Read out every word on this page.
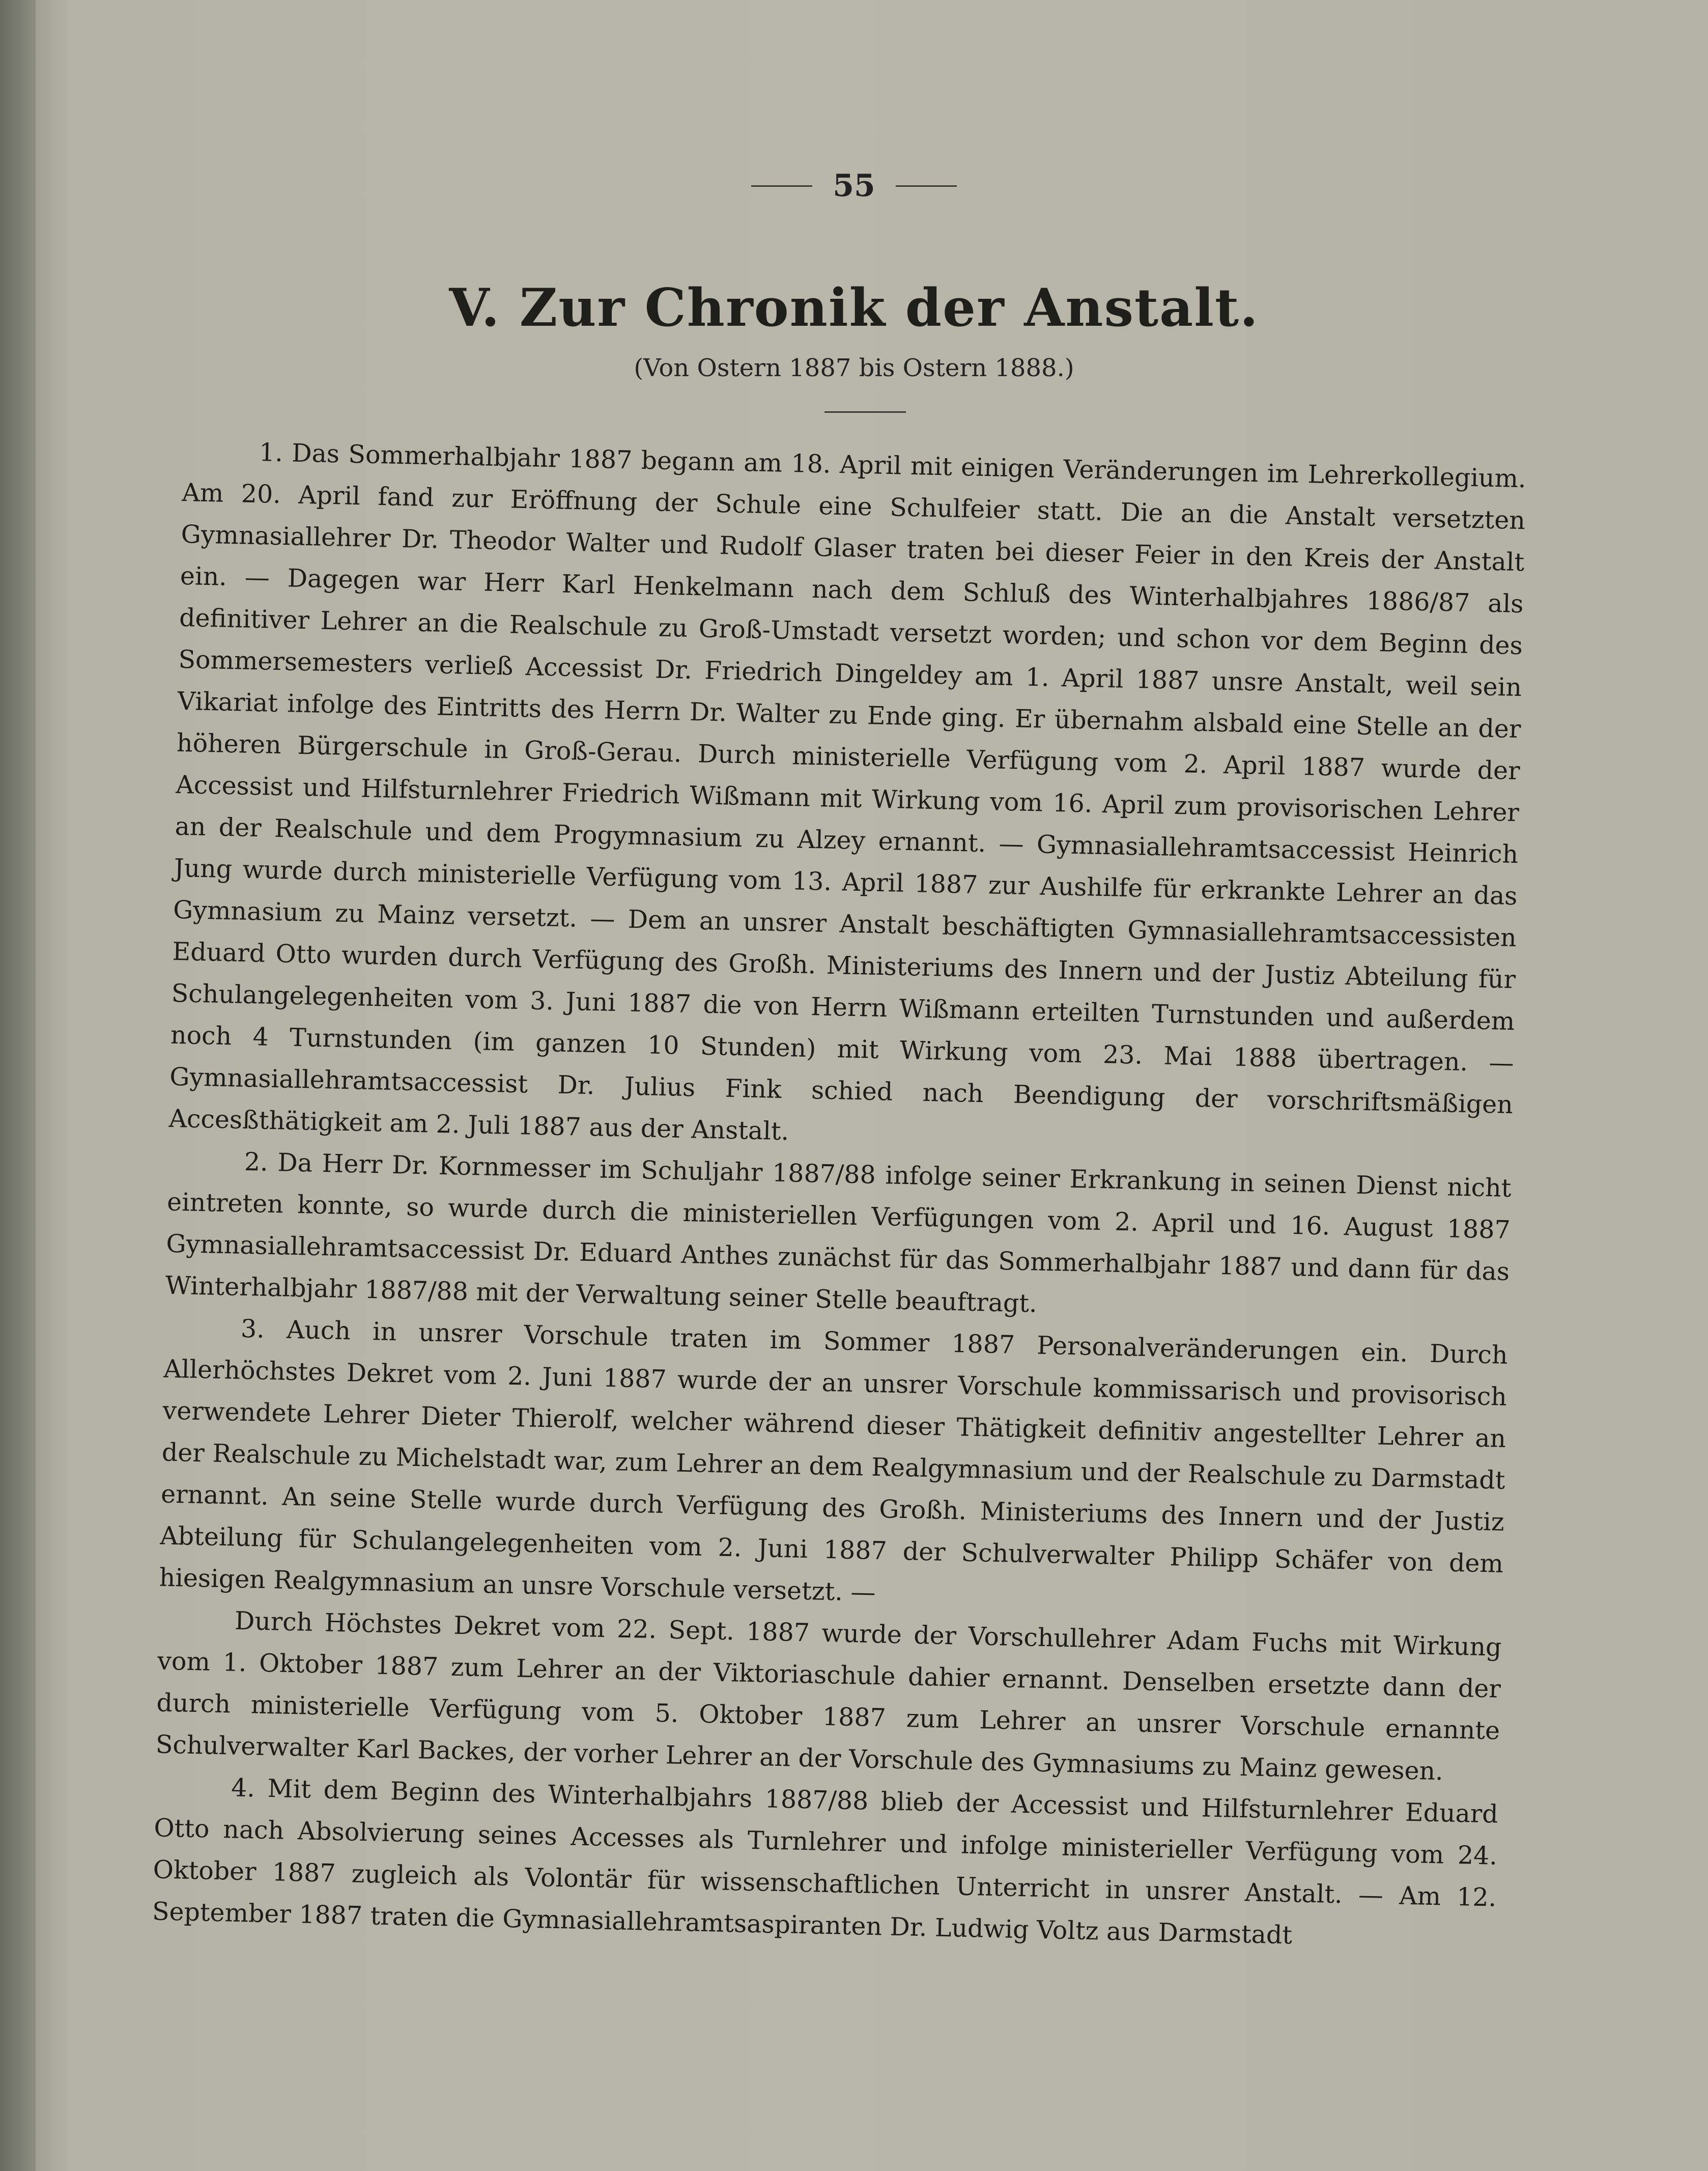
55
V. Zur Chronik der Anstalt.
(Von Ostern 1887 bis Ostern 1888.)

1. Das Sommerhalbjahr 1887 begann am 18. April mit einigen Veränderungen im Lehrerkollegium. Am 20. April fand zur Eröffnung der Schule eine Schulfeier statt. Die an die Anstalt versetzten Gymnasiallehrer Dr. Theodor Walter und Rudolf Glaser traten bei dieser Feier in den Kreis der Anstalt ein. — Dagegen war Herr Karl Henkelmann nach dem Schluß des Winterhalbjahres 1886/87 als definitiver Lehrer an die Realschule zu Groß-Umstadt versetzt worden; und schon vor dem Beginn des Sommersemesters verließ Accessist Dr. Friedrich Dingeldey am 1. April 1887 unsre Anstalt, weil sein Vikariat infolge des Eintritts des Herrn Dr. Walter zu Ende ging. Er übernahm alsbald eine Stelle an der höheren Bürgerschule in Groß-Gerau. Durch ministerielle Verfügung vom 2. April 1887 wurde der Accessist und Hilfsturnlehrer Friedrich Wißmann mit Wirkung vom 16. April zum provisorischen Lehrer an der Realschule und dem Progymnasium zu Alzey ernannt. — Gymnasiallehramtsaccessist Heinrich Jung wurde durch ministerielle Verfügung vom 13. April 1887 zur Aushilfe für erkrankte Lehrer an das Gymnasium zu Mainz versetzt. — Dem an unsrer Anstalt beschäftigten Gymnasiallehramtsaccessisten Eduard Otto wurden durch Verfügung des Großh. Ministeriums des Innern und der Justiz Abteilung für Schulangelegenheiten vom 3. Juni 1887 die von Herrn Wißmann erteilten Turnstunden und außerdem noch 4 Turnstunden (im ganzen 10 Stunden) mit Wirkung vom 23. Mai 1888 übertragen. — Gymnasiallehramtsaccessist Dr. Julius Fink schied nach Beendigung der vorschriftsmäßigen Accesßthätigkeit am 2. Juli 1887 aus der Anstalt.

2. Da Herr Dr. Kornmesser im Schuljahr 1887/88 infolge seiner Erkrankung in seinen Dienst nicht eintreten konnte, so wurde durch die ministeriellen Verfügungen vom 2. April und 16. August 1887 Gymnasiallehramtsaccessist Dr. Eduard Anthes zunächst für das Sommerhalbjahr 1887 und dann für das Winterhalbjahr 1887/88 mit der Verwaltung seiner Stelle beauftragt.

3. Auch in unsrer Vorschule traten im Sommer 1887 Personalveränderungen ein. Durch Allerhöchstes Dekret vom 2. Juni 1887 wurde der an unsrer Vorschule kommissarisch und provisorisch verwendete Lehrer Dieter Thierolf, welcher während dieser Thätigkeit definitiv angestellter Lehrer an der Realschule zu Michelstadt war, zum Lehrer an dem Realgymnasium und der Realschule zu Darmstadt ernannt. An seine Stelle wurde durch Verfügung des Großh. Ministeriums des Innern und der Justiz Abteilung für Schulangelegenheiten vom 2. Juni 1887 der Schulverwalter Philipp Schäfer von dem hiesigen Realgymnasium an unsre Vorschule versetzt. —

Durch Höchstes Dekret vom 22. Sept. 1887 wurde der Vorschullehrer Adam Fuchs mit Wirkung vom 1. Oktober 1887 zum Lehrer an der Viktoriaschule dahier ernannt. Denselben ersetzte dann der durch ministerielle Verfügung vom 5. Oktober 1887 zum Lehrer an unsrer Vorschule ernannte Schulverwalter Karl Backes, der vorher Lehrer an der Vorschule des Gymnasiums zu Mainz gewesen.

4. Mit dem Beginn des Winterhalbjahrs 1887/88 blieb der Accessist und Hilfsturnlehrer Eduard Otto nach Absolvierung seines Accesses als Turnlehrer und infolge ministerieller Verfügung vom 24. Oktober 1887 zugleich als Volontär für wissenschaftlichen Unterricht in unsrer Anstalt. — Am 12. September 1887 traten die Gymnasiallehramtsaspiranten Dr. Ludwig Voltz aus Darmstadt
